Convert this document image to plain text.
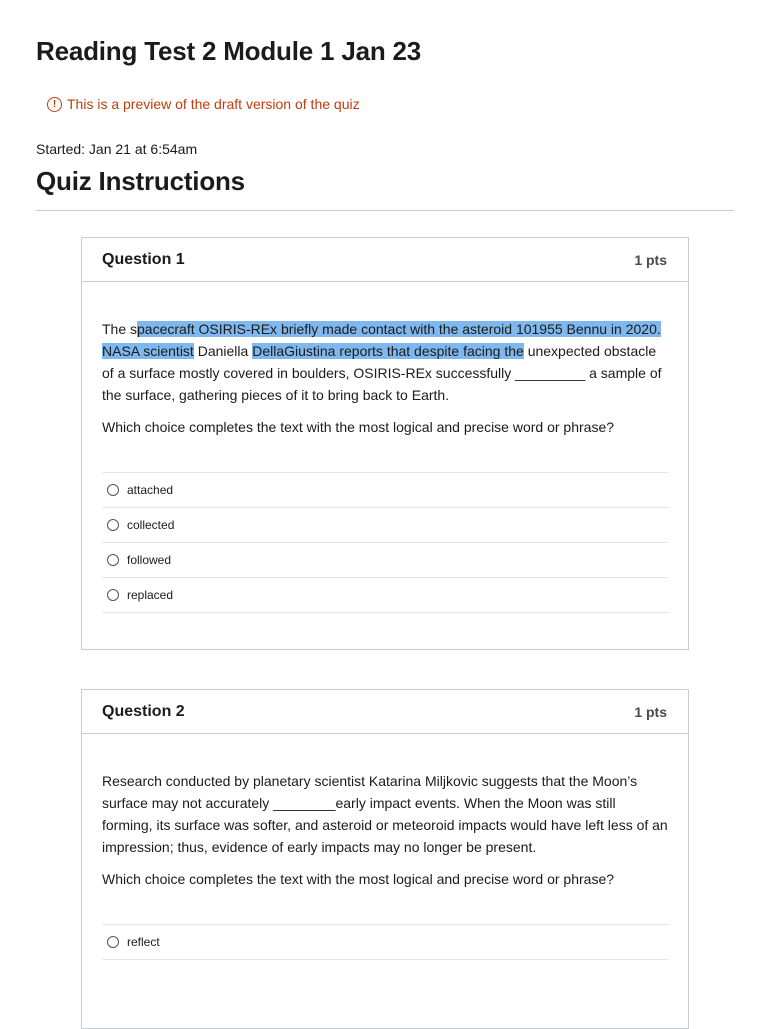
Reading Test 2 Module 1 Jan 23
! This is a preview of the draft version of the quiz
Started: Jan 21 at 6:54am
Quiz Instructions
Question 1	1 pts

The spacecraft OSIRIS-REx briefly made contact with the asteroid 101955 Bennu in 2020. NASA scientist Daniella DellaGiustina reports that despite facing the unexpected obstacle of a surface mostly covered in boulders, OSIRIS-REx successfully _________ a sample of the surface, gathering pieces of it to bring back to Earth.

Which choice completes the text with the most logical and precise word or phrase?

attached
collected
followed
replaced
Question 2	1 pts

Research conducted by planetary scientist Katarina Miljkovic suggests that the Moon’s surface may not accurately ________early impact events. When the Moon was still forming, its surface was softer, and asteroid or meteoroid impacts would have left less of an impression; thus, evidence of early impacts may no longer be present.

Which choice completes the text with the most logical and precise word or phrase?

reflect
